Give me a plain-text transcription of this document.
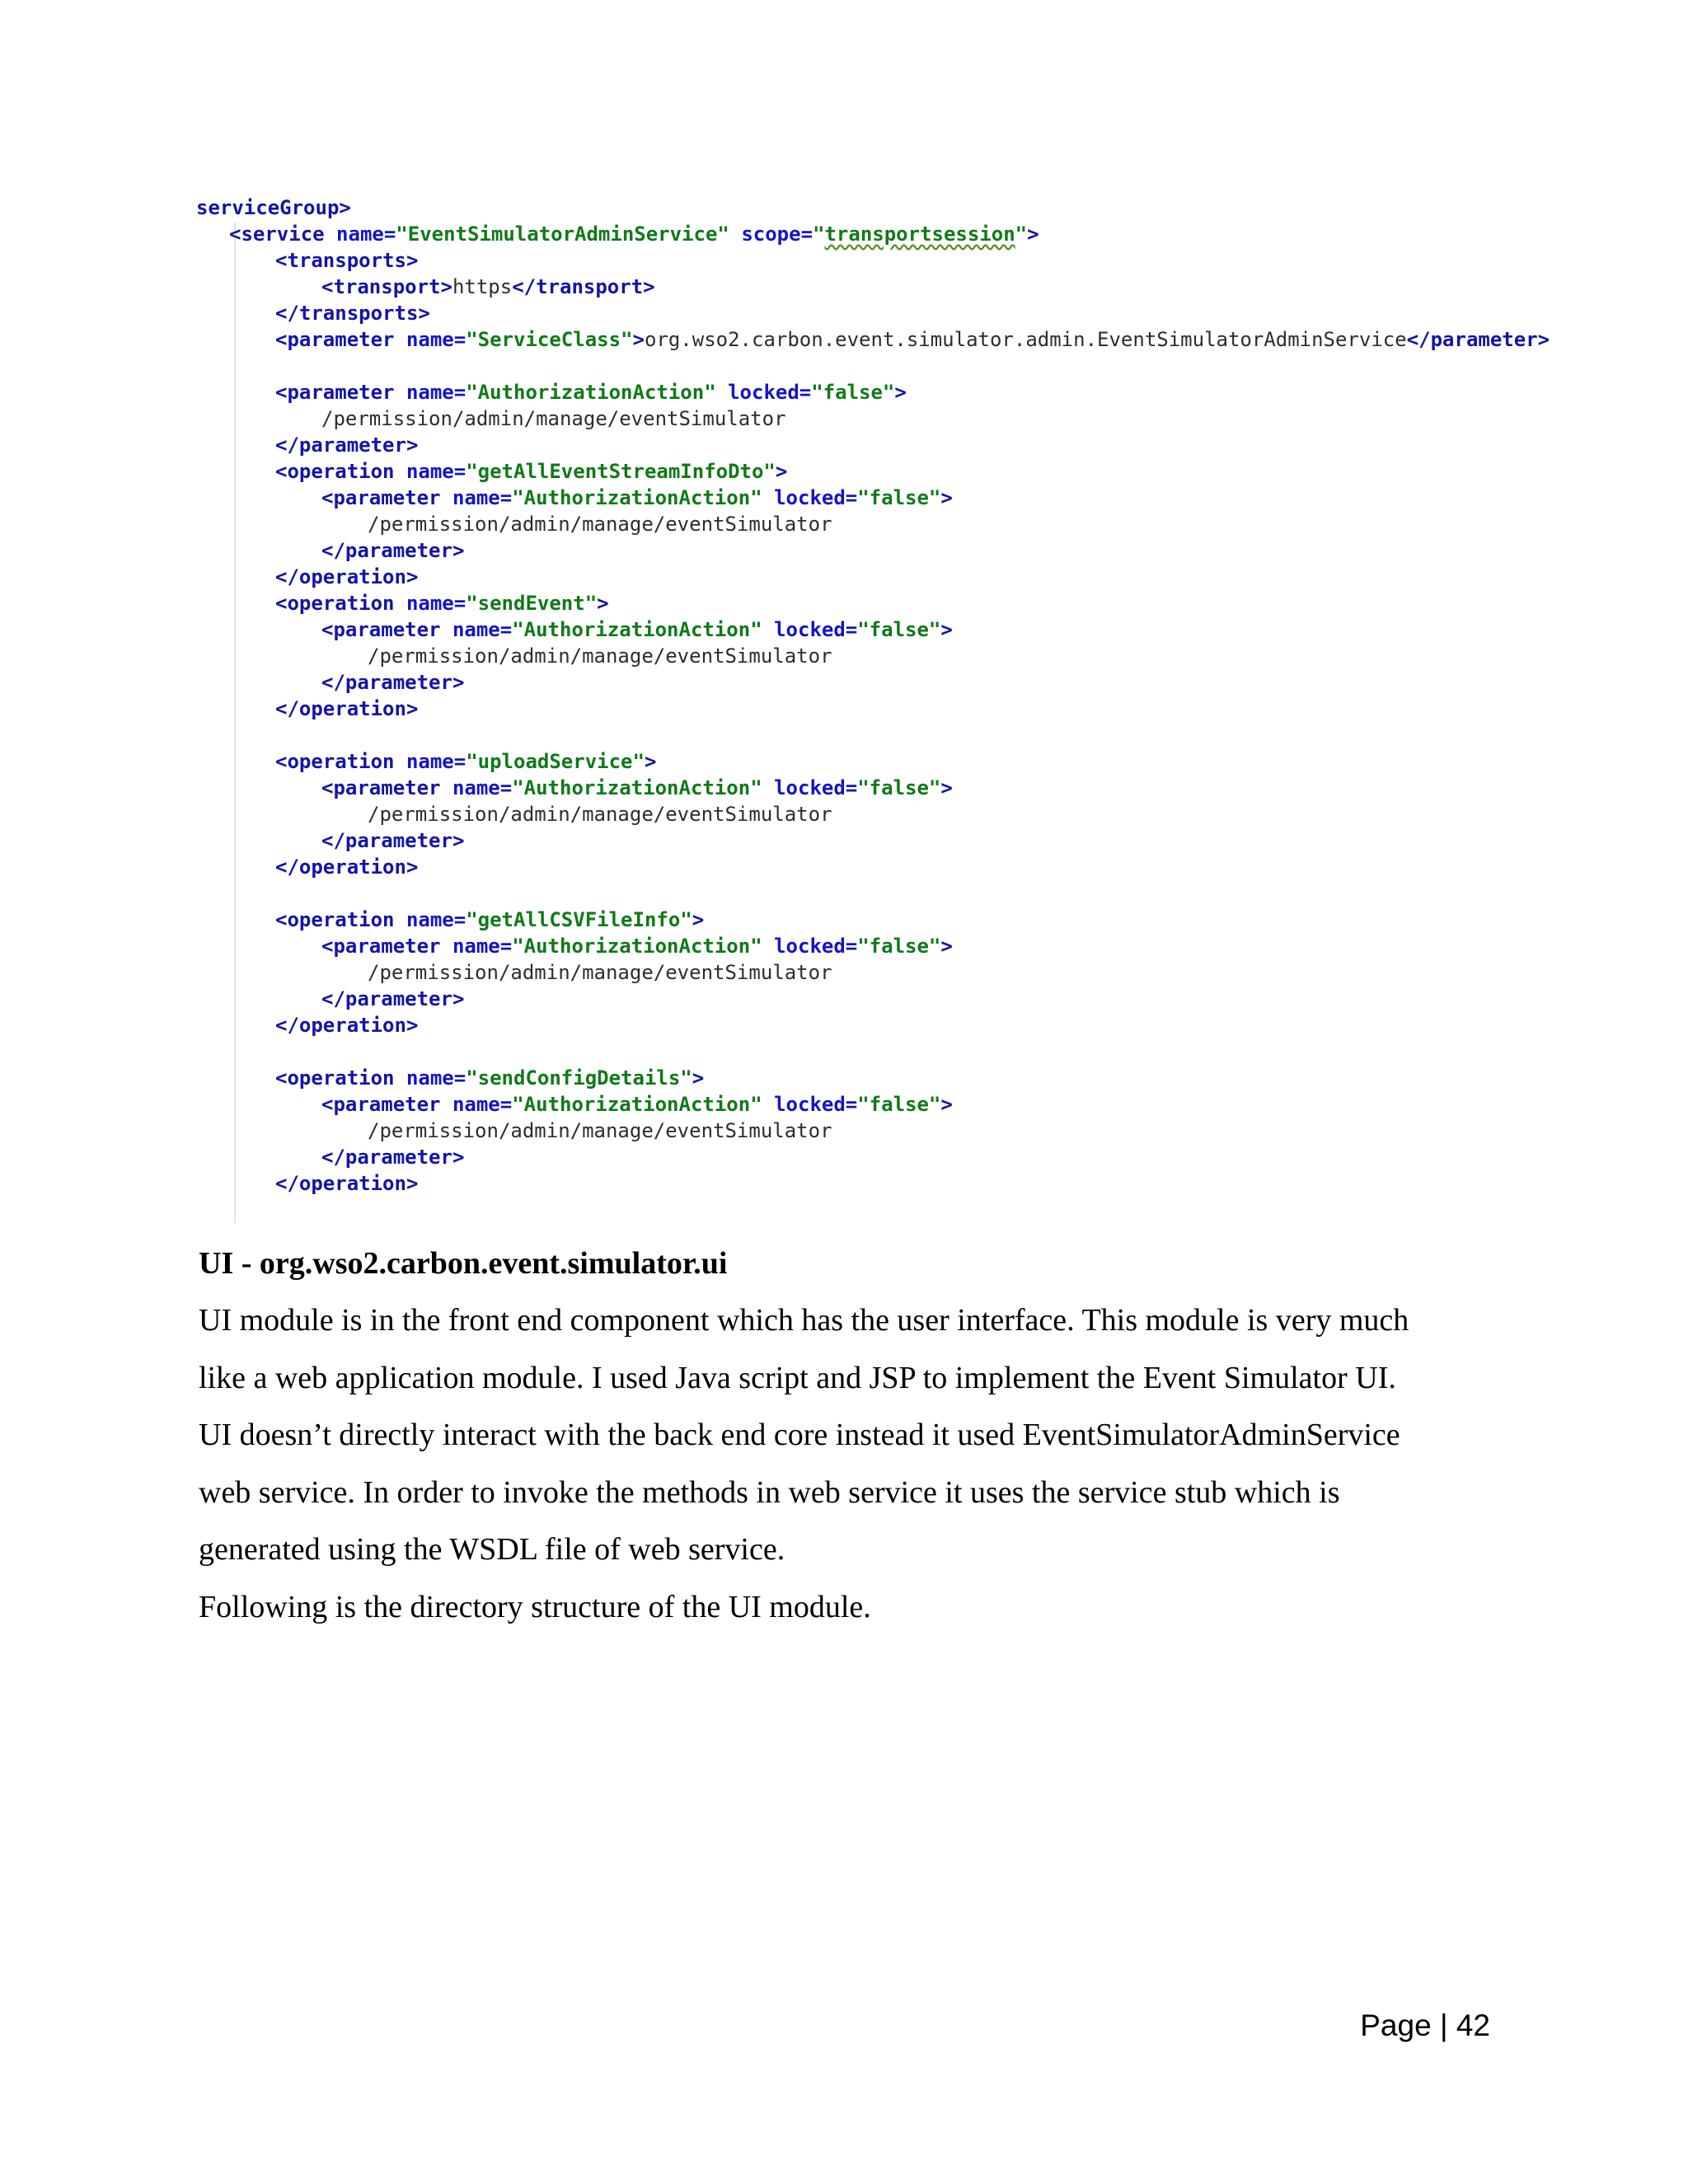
serviceGroup>
<service name="EventSimulatorAdminService" scope="transportsession">
<transports>
<transport>https</transport>
</transports>
<parameter name="ServiceClass">org.wso2.carbon.event.simulator.admin.EventSimulatorAdminService</parameter>
<parameter name="AuthorizationAction" locked="false">
/permission/admin/manage/eventSimulator
</parameter>
<operation name="getAllEventStreamInfoDto">
<parameter name="AuthorizationAction" locked="false">
/permission/admin/manage/eventSimulator
</parameter>
</operation>
<operation name="sendEvent">
<parameter name="AuthorizationAction" locked="false">
/permission/admin/manage/eventSimulator
</parameter>
</operation>
<operation name="uploadService">
<parameter name="AuthorizationAction" locked="false">
/permission/admin/manage/eventSimulator
</parameter>
</operation>
<operation name="getAllCSVFileInfo">
<parameter name="AuthorizationAction" locked="false">
/permission/admin/manage/eventSimulator
</parameter>
</operation>
<operation name="sendConfigDetails">
<parameter name="AuthorizationAction" locked="false">
/permission/admin/manage/eventSimulator
</parameter>
</operation>
UI - org.wso2.carbon.event.simulator.ui
UI module is in the front end component which has the user interface. This module is very much
like a web application module. I used Java script and JSP to implement the Event Simulator UI.
UI doesn’t directly interact with the back end core instead it used EventSimulatorAdminService
web service. In order to invoke the methods in web service it uses the service stub which is
generated using the WSDL file of web service.
Following is the directory structure of the UI module.
Page | 42
